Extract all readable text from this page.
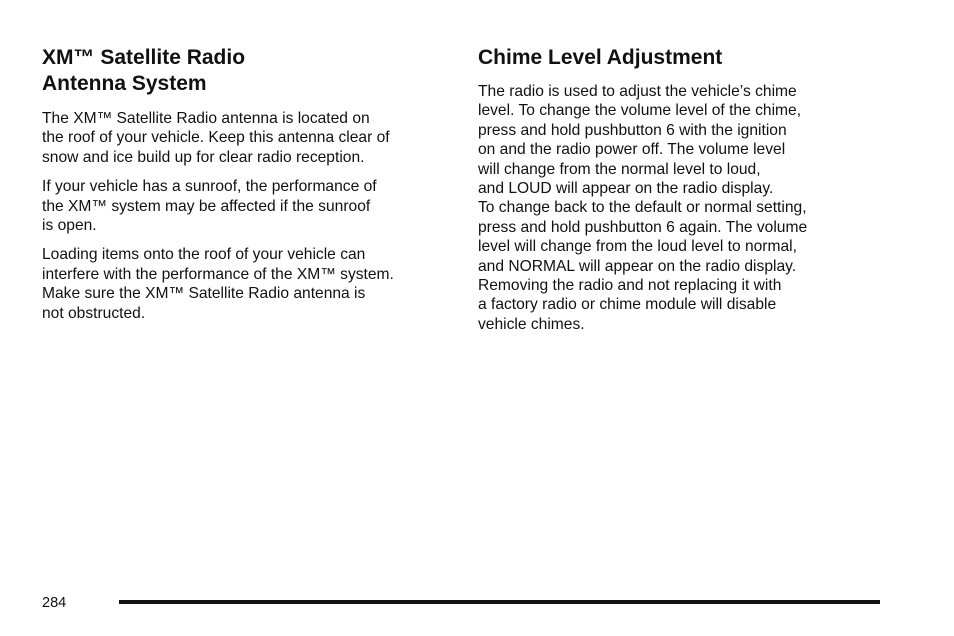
XM™ Satellite Radio
Antenna System

The XM™ Satellite Radio antenna is located on
the roof of your vehicle. Keep this antenna clear of
snow and ice build up for clear radio reception.

If your vehicle has a sunroof, the performance of
the XM™ system may be affected if the sunroof
is open.

Loading items onto the roof of your vehicle can
interfere with the performance of the XM™ system.
Make sure the XM™ Satellite Radio antenna is
not obstructed.

Chime Level Adjustment

The radio is used to adjust the vehicle’s chime
level. To change the volume level of the chime,
press and hold pushbutton 6 with the ignition
on and the radio power off. The volume level
will change from the normal level to loud,
and LOUD will appear on the radio display.
To change back to the default or normal setting,
press and hold pushbutton 6 again. The volume
level will change from the loud level to normal,
and NORMAL will appear on the radio display.
Removing the radio and not replacing it with
a factory radio or chime module will disable
vehicle chimes.

284
